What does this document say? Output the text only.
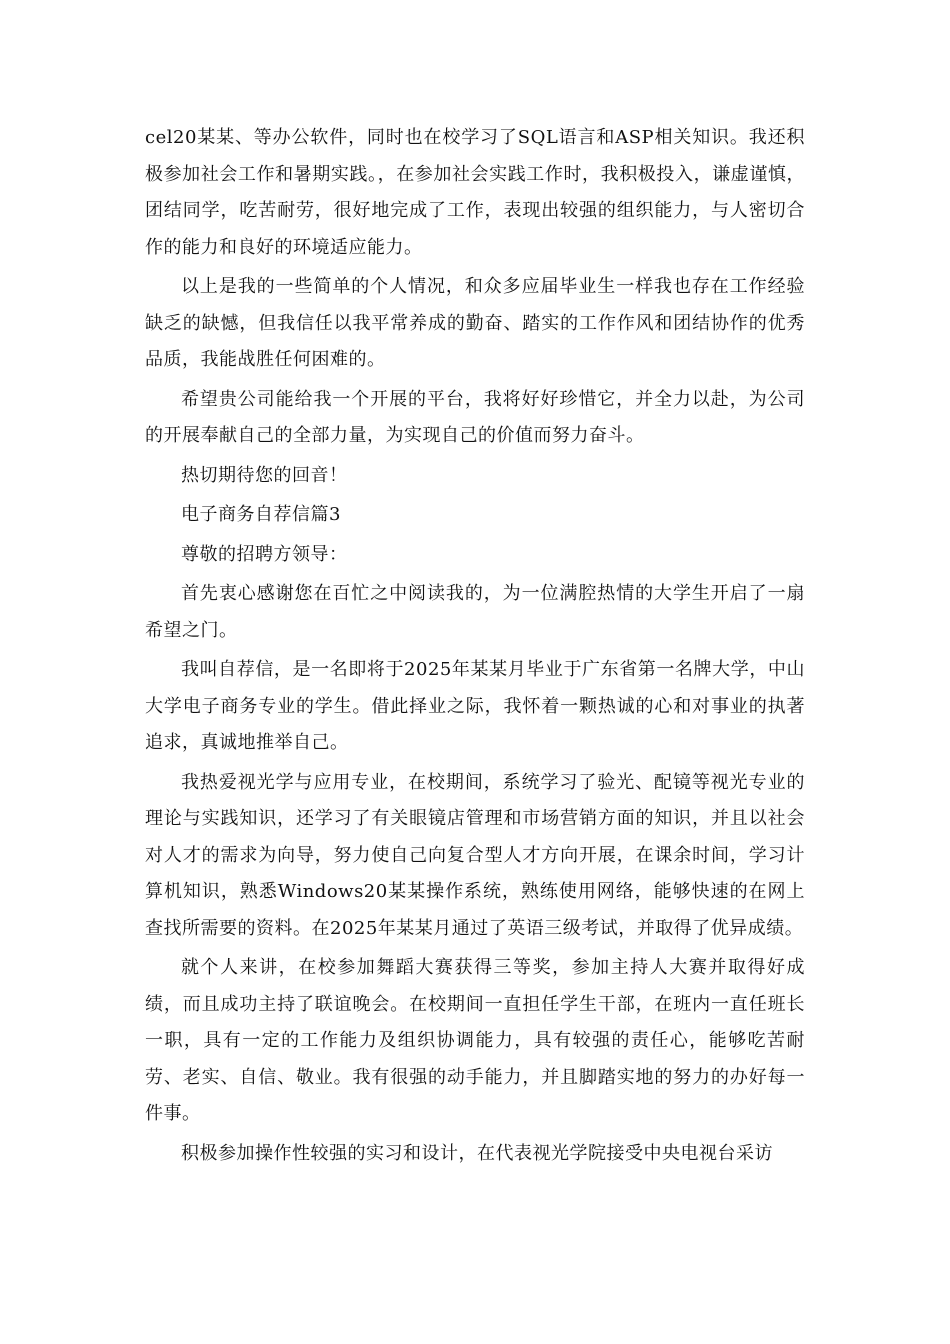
cel20某某、等办公软件，同时也在校学习了SQL语言和ASP相关知识。我还积极参加社会工作和暑期实践。，在参加社会实践工作时，我积极投入，谦虚谨慎，团结同学，吃苦耐劳，很好地完成了工作，表现出较强的组织能力，与人密切合作的能力和良好的环境适应能力。

以上是我的一些简单的个人情况，和众多应届毕业生一样我也存在工作经验缺乏的缺憾，但我信任以我平常养成的勤奋、踏实的工作作风和团结协作的优秀品质，我能战胜任何困难的。

希望贵公司能给我一个开展的平台，我将好好珍惜它，并全力以赴，为公司的开展奉献自己的全部力量，为实现自己的价值而努力奋斗。

热切期待您的回音！

电子商务自荐信篇3

尊敬的招聘方领导：

首先衷心感谢您在百忙之中阅读我的，为一位满腔热情的大学生开启了一扇希望之门。

我叫自荐信，是一名即将于2025年某某月毕业于广东省第一名牌大学，中山大学电子商务专业的学生。借此择业之际，我怀着一颗热诚的心和对事业的执著追求，真诚地推举自己。

我热爱视光学与应用专业，在校期间，系统学习了验光、配镜等视光专业的理论与实践知识，还学习了有关眼镜店管理和市场营销方面的知识，并且以社会对人才的需求为向导，努力使自己向复合型人才方向开展，在课余时间，学习计算机知识，熟悉Windows20某某操作系统，熟练使用网络，能够快速的在网上查找所需要的资料。在2025年某某月通过了英语三级考试，并取得了优异成绩。

就个人来讲，在校参加舞蹈大赛获得三等奖，参加主持人大赛并取得好成绩，而且成功主持了联谊晚会。在校期间一直担任学生干部，在班内一直任班长一职，具有一定的工作能力及组织协调能力，具有较强的责任心，能够吃苦耐劳、老实、自信、敬业。我有很强的动手能力，并且脚踏实地的努力的办好每一件事。

积极参加操作性较强的实习和设计，在代表视光学院接受中央电视台采访
